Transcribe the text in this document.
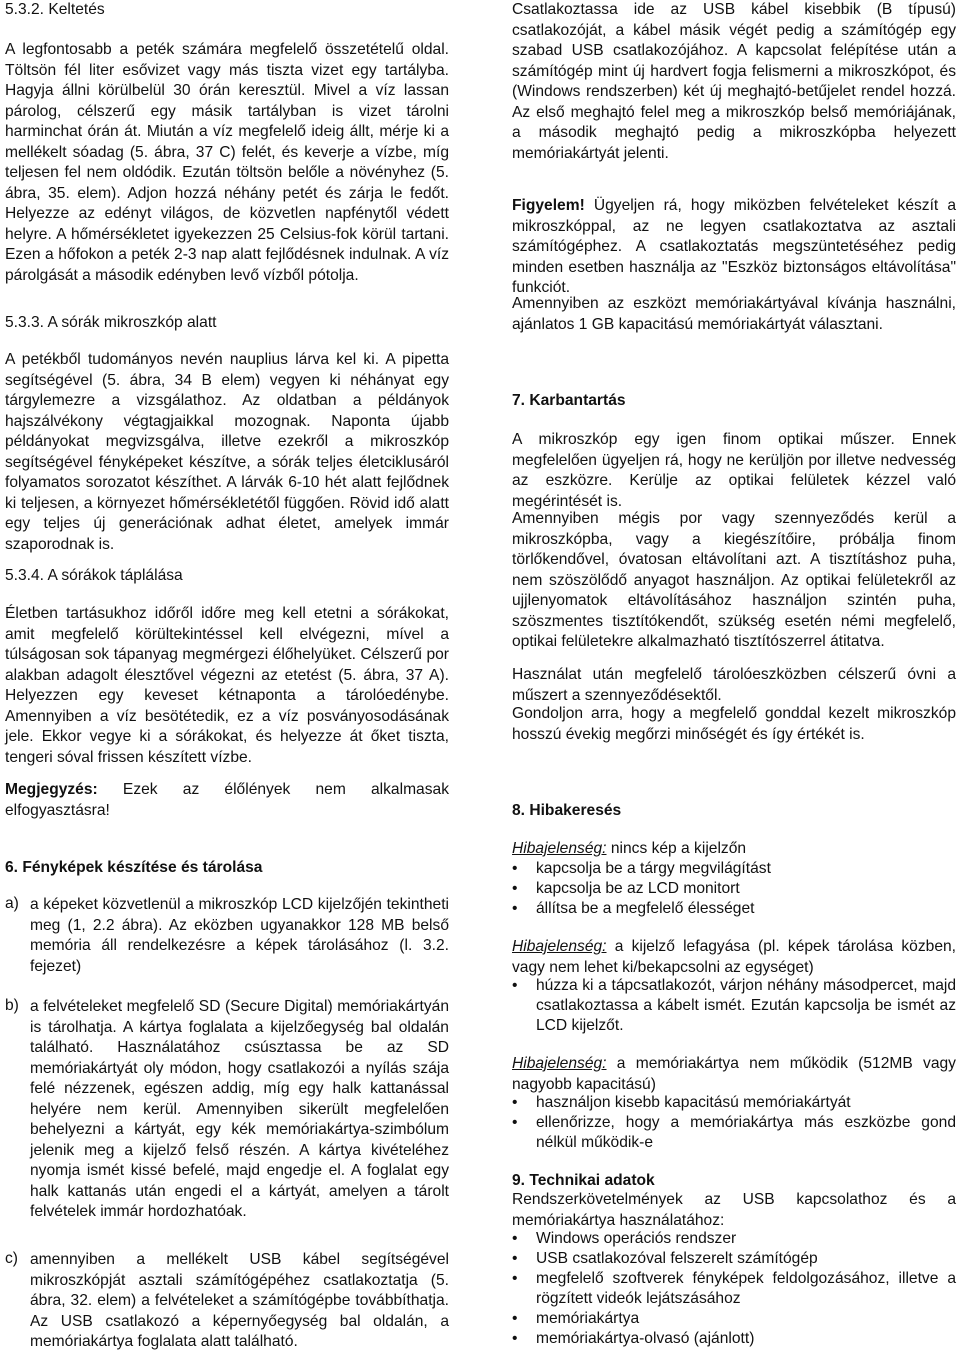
5.3.2. Keltetés

A legfontosabb a peték számára megfelelő összetételű oldal. Töltsön fél liter esővizet vagy más tiszta vizet egy tartályba. Hagyja állni körülbelül 30 órán keresztül. Mivel a víz lassan párolog, célszerű egy másik tartályban is vizet tárolni harminchat órán át. Miután a víz megfelelő ideig állt, mérje ki a mellékelt sóadag (5. ábra, 37 C) felét, és keverje a vízbe, míg teljesen fel nem oldódik. Ezután töltsön belőle a növényhez (5. ábra, 35. elem). Adjon hozzá néhány petét és zárja le fedőt. Helyezze az edényt világos, de közvetlen napfénytől védett helyre. A hőmérsékletet igyekezzen 25 Celsius-fok körül tartani. Ezen a hőfokon a peték 2-3 nap alatt fejlődésnek indulnak. A víz párolgását a második edényben levő vízből pótolja.

5.3.3. A sórák mikroszkóp alatt

A petékből tudományos nevén nauplius lárva kel ki. A pipetta segítségével (5. ábra, 34 B elem) vegyen ki néhányat egy tárgylemezre a vizsgálathoz. Az oldatban a példányok hajszálvékony végtagjaikkal mozognak. Naponta újabb példányokat megvizsgálva, illetve ezekről a mikroszkóp segítségével fényképeket készítve, a sórák teljes életciklusáról folyamatos sorozatot készíthet. A lárvák 6-10 hét alatt fejlődnek ki teljesen, a környezet hőmérsékletétől függően. Rövid idő alatt egy teljes új generációnak adhat életet, amelyek immár szaporodnak is.

5.3.4. A sórákok táplálása

Életben tartásukhoz időről időre meg kell etetni a sórákokat, amit megfelelő körültekintéssel kell elvégezni, mível a túlságosan sok tápanyag megmérgezi élőhelyüket. Célszerű por alakban adagolt élesztővel végezni az etetést (5. ábra, 37 A). Helyezzen egy keveset kétnaponta a tárolóedénybe. Amennyiben a víz besötétedik, ez a víz posványosodásának jele. Ekkor vegye ki a sórákokat, és helyezze át őket tiszta, tengeri sóval frissen készített vízbe.

Megjegyzés: Ezek az élőlények nem alkalmasak elfogyasztásra!

6. Fényképek készítése és tárolása
a) a képeket közvetlenül a mikroszkóp LCD kijelzőjén tekintheti meg (1, 2.2 ábra). Az eközben ugyanakkor 128 MB belső memória áll rendelkezésre a képek tárolásához (l. 3.2. fejezet)

b) a felvételeket megfelelő SD (Secure Digital) memóriakártyán is tárolhatja. A kártya foglalata a kijelzőegység bal oldalán található. Használatához csúsztassa be az SD memóriakártyát oly módon, hogy csatlakozói a nyílás szája felé nézzenek, egészen addig, míg egy halk kattanással helyére nem kerül. Amennyiben sikerült megfelelően behelyezni a kártyát, egy kék memóriakártya-szimbólum jelenik meg a kijelző felső részén. A kártya kivételéhez nyomja ismét kissé befelé, majd engedje el. A foglalat egy halk kattanás után engedi el a kártyát, amelyen a tárolt felvételek immár hordozhatóak.

c) amennyiben a mellékelt USB kábel segítségével mikroszkópját asztali számítógépéhez csatlakoztatja (5. ábra, 32. elem) a felvételeket a számítógépbe továbbíthatja. Az USB csatlakozó a képernyőegység bal oldalán, a memóriakártya foglalata alatt található.

Csatlakoztassa ide az USB kábel kisebbik (B típusú) csatlakozóját, a kábel másik végét pedig a számítógép egy szabad USB csatlakozójához. A kapcsolat felépítése után a számítógép mint új hardvert fogja felismerni a mikroszkópot, és (Windows rendszerben) két új meghajtó-betűjelet rendel hozzá. Az első meghajtó felel meg a mikroszkóp belső memóriájának, a második meghajtó pedig a mikroszkópba helyezett memóriakártyát jelenti.

Figyelem! Ügyeljen rá, hogy miközben felvételeket készít a mikroszkóppal, az ne legyen csatlakoztatva az asztali számítógéphez. A csatlakoztatás megszüntetéséhez pedig minden esetben használja az "Eszköz biztonságos eltávolítása" funkciót.

Amennyiben az eszközt memóriakártyával kívánja használni, ajánlatos 1 GB kapacitású memóriakártyát választani.

7. Karbantartás

A mikroszkóp egy igen finom optikai műszer. Ennek megfelelően ügyeljen rá, hogy ne kerüljön por illetve nedvesség az eszközre. Kerülje az optikai felületek kézzel való megérintését is.

Amennyiben mégis por vagy szennyeződés kerül a mikroszkópba, vagy a kiegészítőire, próbálja finom törlőkendővel, óvatosan eltávolítani azt. A tisztításhoz puha, nem szöszölődő anyagot használjon. Az optikai felületekről az ujjlenyomatok eltávolításához használjon szintén puha, szöszmentes tisztítókendőt, szükség esetén némi megfelelő, optikai felületekre alkalmazható tisztítószerrel átitatva.

Használat után megfelelő tárolóeszközben célszerű óvni a műszert a szennyeződésektől.

Gondoljon arra, hogy a megfelelő gonddal kezelt mikroszkóp hosszú évekig megőrzi minőségét és így értékét is.

8. Hibakeresés

Hibajelenség: nincs kép a kijelzőn

• kapcsolja be a tárgy megvilágítást
• kapcsolja be az LCD monitort
• állítsa be a megfelelő élességet

Hibajelenség: a kijelző lefagyása (pl. képek tárolása közben, vagy nem lehet ki/bekapcsolni az egységet)

• húzza ki a tápcsatlakozót, várjon néhány másodpercet, majd csatlakoztassa a kábelt ismét. Ezután kapcsolja be ismét az LCD kijelzőt.

Hibajelenség: a memóriakártya nem működik (512MB vagy nagyobb kapacitású)

• használjon kisebb kapacitású memóriakártyát
• ellenőrizze, hogy a memóriakártya más eszközbe gond nélkül működik-e
9. Technikai adatok

Rendszerkövetelmények az USB kapcsolathoz és a memóriakártya használatához:

• Windows operációs rendszer
• USB csatlakozóval felszerelt számítógép
• megfelelő szoftverek fényképek feldolgozásához, illetve a rögzített videók lejátszásához
• memóriakártya
• memóriakártya-olvasó (ajánlott)
